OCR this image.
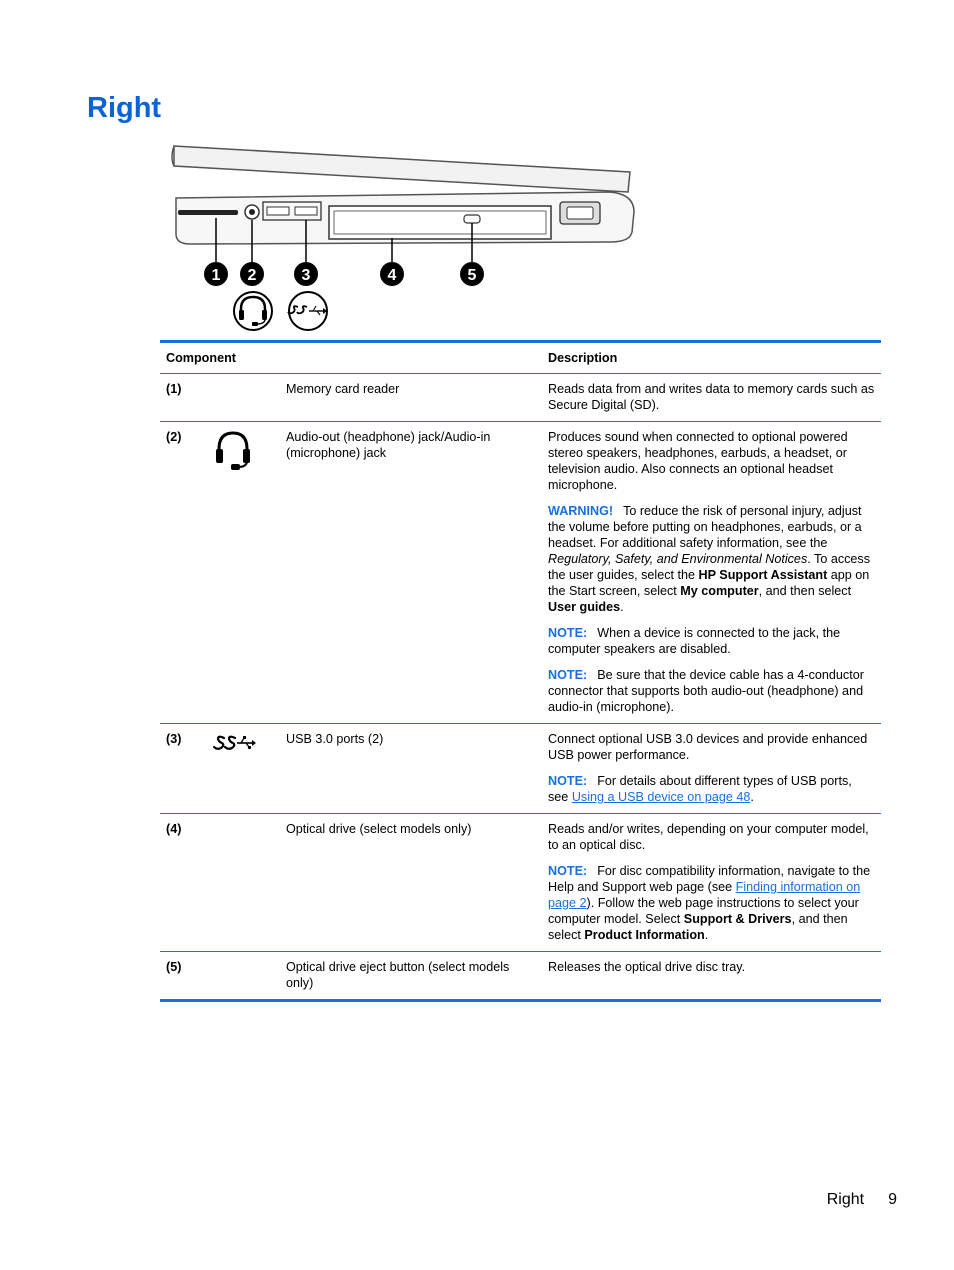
Right
1 2	3	4	5
Component			Description
(1)		Memory card reader	Reads data from and writes data to memory cards such as Secure Digital (SD).

(2)		Audio-out (headphone) jack/Audio-in (microphone) jack	Produces sound when connected to optional powered stereo speakers, headphones, earbuds, a headset, or television audio. Also connects an optional headset microphone.

WARNING! To reduce the risk of personal injury, adjust the volume before putting on headphones, earbuds, or a headset. For additional safety information, see the Regulatory, Safety, and Environmental Notices. To access the user guides, select the HP Support Assistant app on the Start screen, select My computer, and then select User guides.

NOTE: When a device is connected to the jack, the computer speakers are disabled.

NOTE: Be sure that the device cable has a 4-conductor connector that supports both audio-out (headphone) and audio-in (microphone).

(3)		USB 3.0 ports (2)	Connect optional USB 3.0 devices and provide enhanced USB power performance.

NOTE: For details about different types of USB ports, see Using a USB device on page 48.

(4)		Optical drive (select models only)	Reads and/or writes, depending on your computer model, to an optical disc.

NOTE: For disc compatibility information, navigate to the Help and Support web page (see Finding information on page 2). Follow the web page instructions to select your computer model. Select Support & Drivers, and then select Product Information.

(5)		Optical drive eject button (select models only)	Releases the optical drive disc tray.

Right 9
